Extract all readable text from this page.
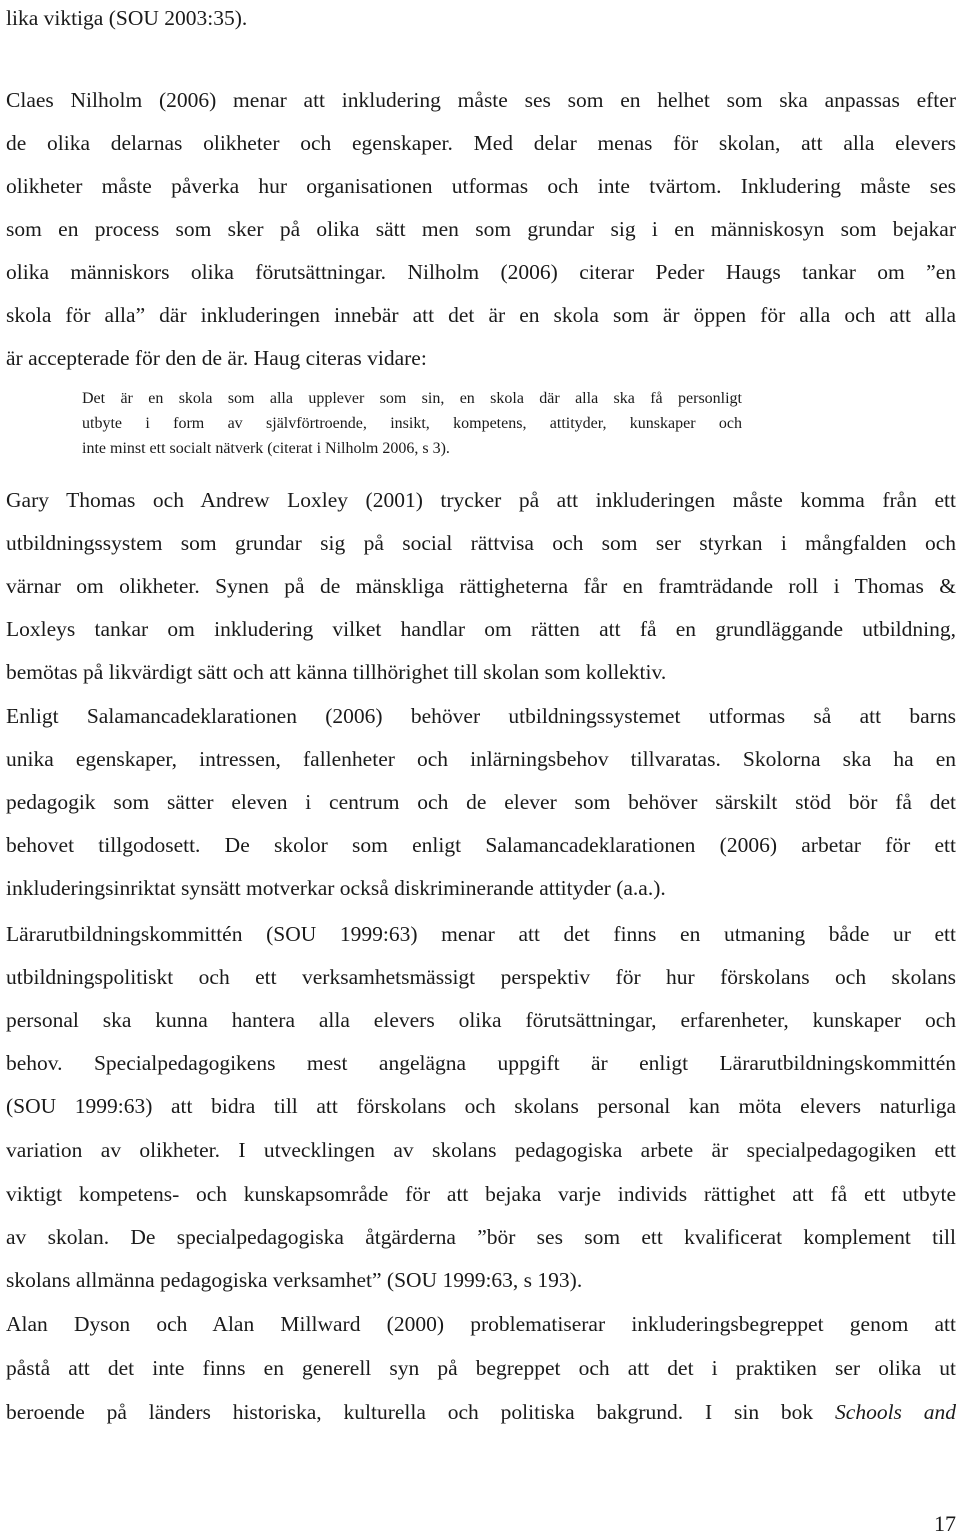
lika viktiga (SOU 2003:35).
Claes Nilholm (2006) menar att inkludering måste ses som en helhet som ska anpassas efter
de olika delarnas olikheter och egenskaper. Med delar menas för skolan, att alla elevers
olikheter måste påverka hur organisationen utformas och inte tvärtom. Inkludering måste ses
som en process som sker på olika sätt men som grundar sig i en människosyn som bejakar
olika människors olika förutsättningar. Nilholm (2006) citerar Peder Haugs tankar om ”en
skola för alla” där inkluderingen innebär att det är en skola som är öppen för alla och att alla
är accepterade för den de är. Haug citeras vidare:
Det är en skola som alla upplever som sin, en skola där alla ska få personligt
utbyte i form av självförtroende, insikt, kompetens, attityder, kunskaper och
inte minst ett socialt nätverk (citerat i Nilholm 2006, s 3).
Gary Thomas och Andrew Loxley (2001) trycker på att inkluderingen måste komma från ett
utbildningssystem som grundar sig på social rättvisa och som ser styrkan i mångfalden och
värnar om olikheter. Synen på de mänskliga rättigheterna får en framträdande roll i Thomas &
Loxleys tankar om inkludering vilket handlar om rätten att få en grundläggande utbildning,
bemötas på likvärdigt sätt och att känna tillhörighet till skolan som kollektiv.
Enligt Salamancadeklarationen (2006) behöver utbildningssystemet utformas så att barns
unika egenskaper, intressen, fallenheter och inlärningsbehov tillvaratas. Skolorna ska ha en
pedagogik som sätter eleven i centrum och de elever som behöver särskilt stöd bör få det
behovet tillgodosett. De skolor som enligt Salamancadeklarationen (2006) arbetar för ett
inkluderingsinriktat synsätt motverkar också diskriminerande attityder (a.a.).
Lärarutbildningskommittén (SOU 1999:63) menar att det finns en utmaning både ur ett
utbildningspolitiskt och ett verksamhetsmässigt perspektiv för hur förskolans och skolans
personal ska kunna hantera alla elevers olika förutsättningar, erfarenheter, kunskaper och
behov. Specialpedagogikens mest angelägna uppgift är enligt Lärarutbildningskommittén
(SOU 1999:63) att bidra till att förskolans och skolans personal kan möta elevers naturliga
variation av olikheter. I utvecklingen av skolans pedagogiska arbete är specialpedagogiken ett
viktigt kompetens- och kunskapsområde för att bejaka varje individs rättighet att få ett utbyte
av skolan. De specialpedagogiska åtgärderna ”bör ses som ett kvalificerat komplement till
skolans allmänna pedagogiska verksamhet” (SOU 1999:63, s 193).
Alan Dyson och Alan Millward (2000) problematiserar inkluderingsbegreppet genom att
påstå att det inte finns en generell syn på begreppet och att det i praktiken ser olika ut
beroende på länders historiska, kulturella och politiska bakgrund. I sin bok Schools and
17
